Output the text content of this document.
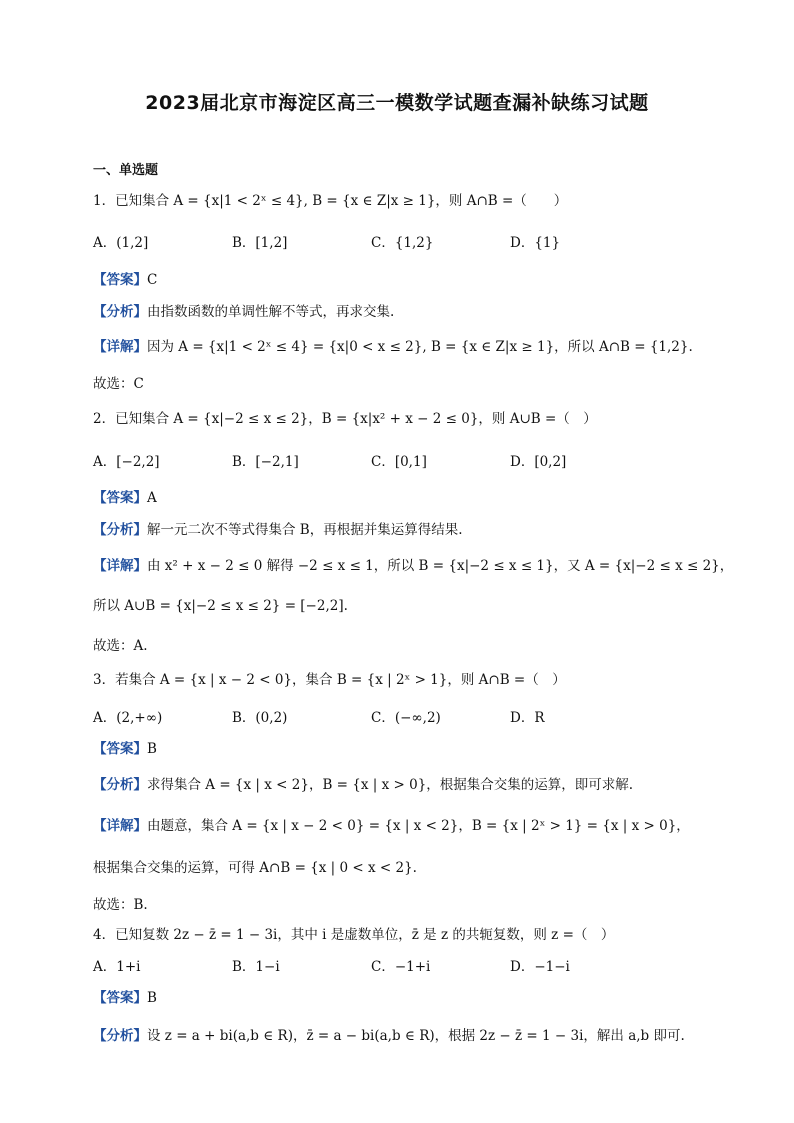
2023届北京市海淀区高三一模数学试题查漏补缺练习试题
一、单选题
1．已知集合 A = {x|1 < 2ˣ ≤ 4}, B = {x ∈ Z|x ≥ 1}，则 A∩B =（　　）
A．(1,2]	B．[1,2]	C．{1,2}	D．{1}
【答案】C
【分析】由指数函数的单调性解不等式，再求交集.
【详解】因为 A = {x|1 < 2ˣ ≤ 4} = {x|0 < x ≤ 2}, B = {x ∈ Z|x ≥ 1}，所以 A∩B = {1,2}.
故选：C
2．已知集合 A = {x|−2 ≤ x ≤ 2}，B = {x|x² + x − 2 ≤ 0}，则 A∪B =（　）
A．[−2,2]	B．[−2,1]	C．[0,1]	D．[0,2]
【答案】A
【分析】解一元二次不等式得集合 B，再根据并集运算得结果.
【详解】由 x² + x − 2 ≤ 0 解得 −2 ≤ x ≤ 1，所以 B = {x|−2 ≤ x ≤ 1}，又 A = {x|−2 ≤ x ≤ 2}，
所以 A∪B = {x|−2 ≤ x ≤ 2} = [−2,2].
故选：A.
3．若集合 A = {x | x − 2 < 0}，集合 B = {x | 2ˣ > 1}，则 A∩B =（　）
A．(2,+∞)	B．(0,2)	C．(−∞,2)	D．R
【答案】B
【分析】求得集合 A = {x | x < 2}，B = {x | x > 0}，根据集合交集的运算，即可求解.
【详解】由题意，集合 A = {x | x − 2 < 0} = {x | x < 2}，B = {x | 2ˣ > 1} = {x | x > 0}，
根据集合交集的运算，可得 A∩B = {x | 0 < x < 2}.
故选：B.
4．已知复数 2z − z̄ = 1 − 3i，其中 i 是虚数单位，z̄ 是 z 的共轭复数，则 z =（　）
A．1+i	B．1−i	C．−1+i	D．−1−i
【答案】B
【分析】设 z = a + bi(a,b ∈ R)，z̄ = a − bi(a,b ∈ R)，根据 2z − z̄ = 1 − 3i，解出 a,b 即可.
